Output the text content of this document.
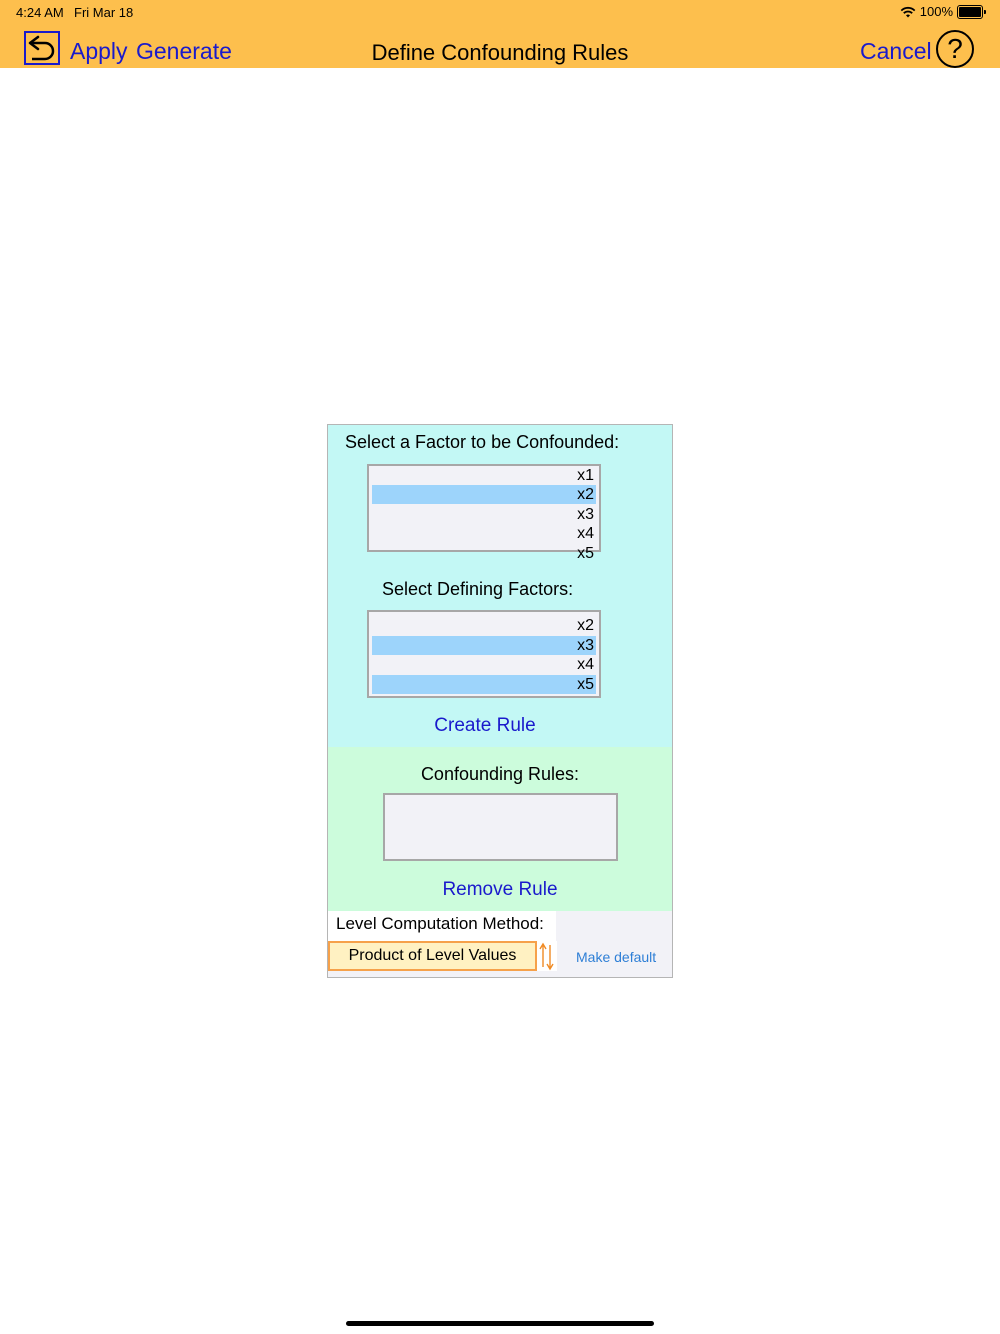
4:24 AM Fri Mar 18	100%
Apply Generate	Define Confounding Rules	Cancel ?
Select a Factor to be Confounded:
x1
x2
x3
x4
x5
Select Defining Factors:
x2
x3
x4
x5
Create Rule
Confounding Rules:
Remove Rule
Level Computation Method:
Product of Level Values	Make default
